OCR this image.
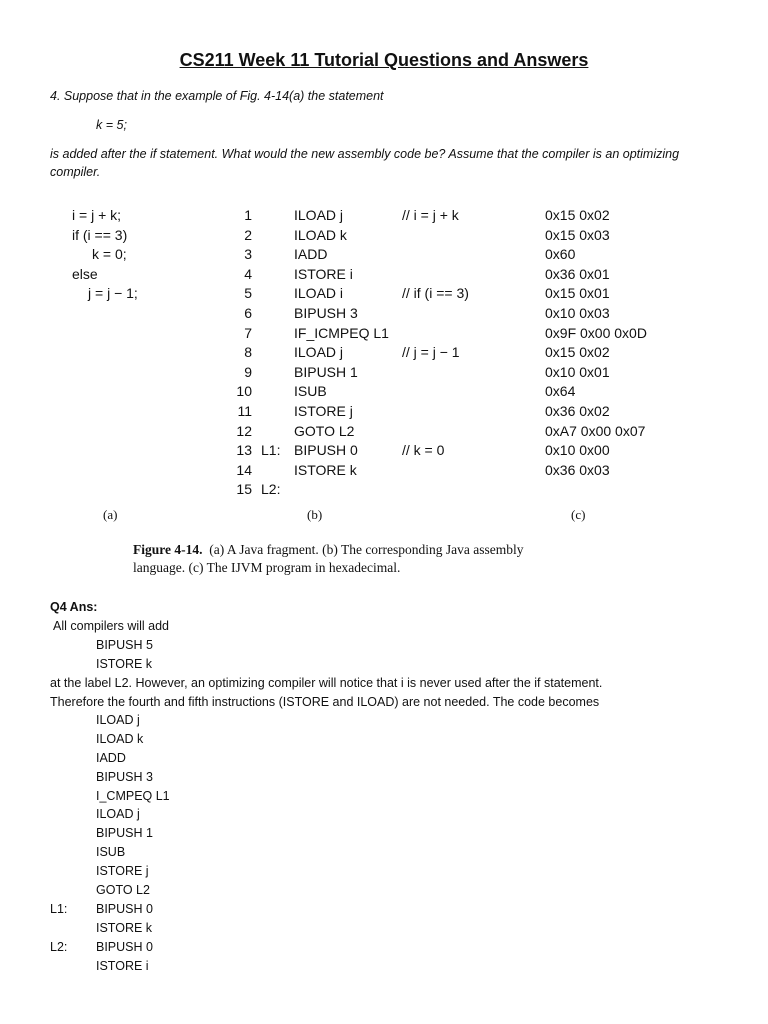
CS211 Week 11 Tutorial Questions and Answers
4. Suppose that in the example of Fig. 4-14(a) the statement
k = 5;
is added after the if statement. What would the new assembly code be? Assume that the compiler is an optimizing
compiler.
i = j + k;
if (i == 3)
k = 0;
else
j = j − 1;
1
2
3
4
5
6
7
8
9
10
11
12
13
14
15
L1:
L2:
ILOAD j
ILOAD k
IADD
ISTORE i
ILOAD i
BIPUSH 3
IF_ICMPEQ L1
ILOAD j
BIPUSH 1
ISUB
ISTORE j
GOTO L2
BIPUSH 0
ISTORE k
// i = j + k
// if (i == 3)
// j = j − 1
// k = 0
0x15 0x02
0x15 0x03
0x60
0x36 0x01
0x15 0x01
0x10 0x03
0x9F 0x00 0x0D
0x15 0x02
0x10 0x01
0x64
0x36 0x02
0xA7 0x00 0x07
0x10 0x00
0x36 0x03
(a)	(b)	(c)
Figure 4-14. (a) A Java fragment. (b) The corresponding Java assembly
language. (c) The IJVM program in hexadecimal.
Q4 Ans:
All compilers will add
BIPUSH 5
ISTORE k
at the label L2. However, an optimizing compiler will notice that i is never used after the if statement.
Therefore the fourth and fifth instructions (ISTORE and ILOAD) are not needed. The code becomes
ILOAD j
ILOAD k
IADD
BIPUSH 3
I_CMPEQ L1
ILOAD j
BIPUSH 1
ISUB
ISTORE j
GOTO L2
L1: BIPUSH 0
ISTORE k
L2: BIPUSH 0
ISTORE i
